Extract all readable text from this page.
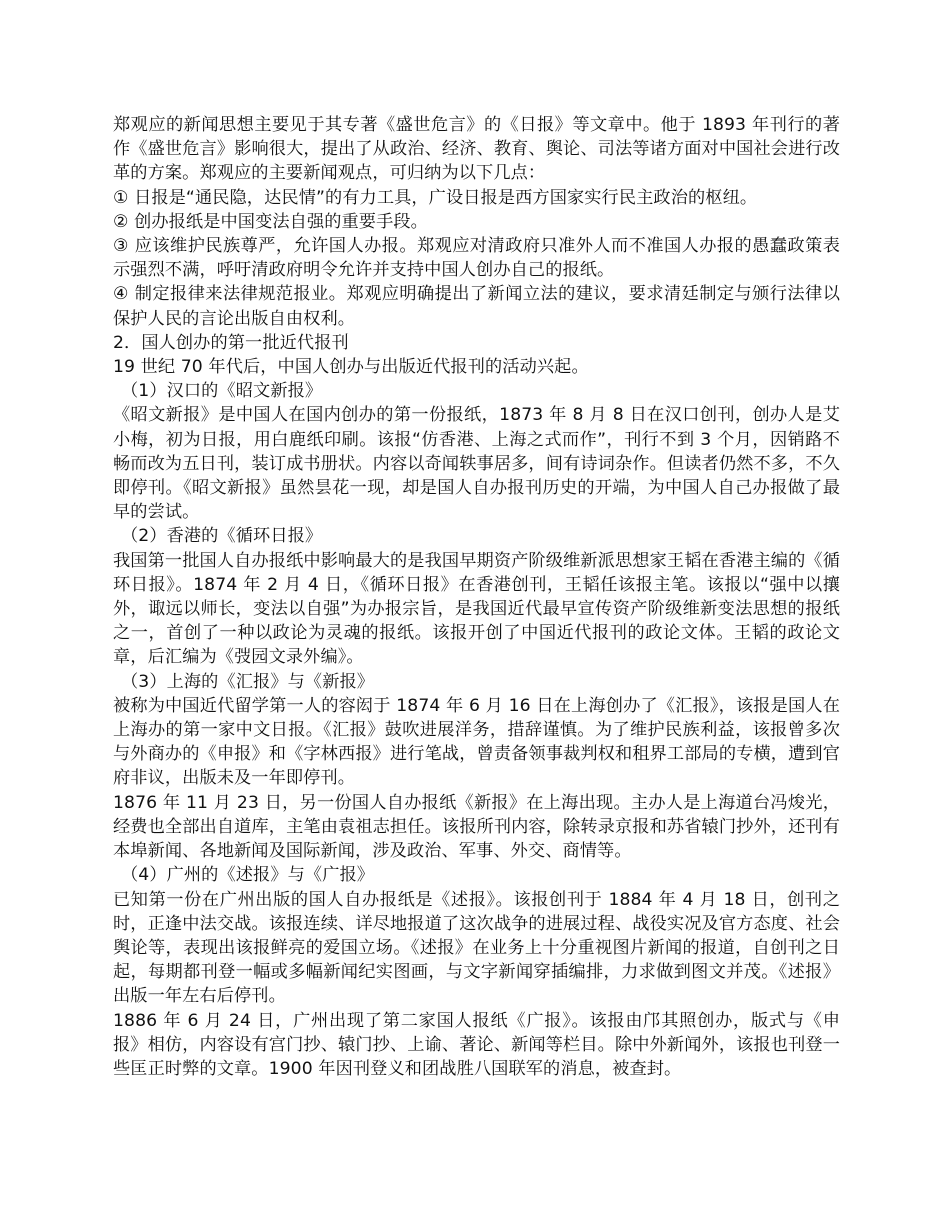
郑观应的新闻思想主要见于其专著《盛世危言》的《日报》等文章中。他于 1893 年刊行的著作《盛世危言》影响很大，提出了从政治、经济、教育、舆论、司法等诸方面对中国社会进行改革的方案。郑观应的主要新闻观点，可归纳为以下几点：

① 日报是“通民隐，达民情”的有力工具，广设日报是西方国家实行民主政治的枢纽。

② 创办报纸是中国变法自强的重要手段。

③ 应该维护民族尊严，允许国人办报。郑观应对清政府只准外人而不准国人办报的愚蠢政策表示强烈不满，呼吁清政府明令允许并支持中国人创办自己的报纸。

④ 制定报律来法律规范报业。郑观应明确提出了新闻立法的建议，要求清廷制定与颁行法律以保护人民的言论出版自由权利。

2．国人创办的第一批近代报刊

19 世纪 70 年代后，中国人创办与出版近代报刊的活动兴起。

（1）汉口的《昭文新报》

《昭文新报》是中国人在国内创办的第一份报纸，1873 年 8 月 8 日在汉口创刊，创办人是艾小梅，初为日报，用白鹿纸印刷。该报“仿香港、上海之式而作”，刊行不到 3 个月，因销路不畅而改为五日刊，装订成书册状。内容以奇闻轶事居多，间有诗词杂作。但读者仍然不多，不久即停刊。《昭文新报》虽然昙花一现，却是国人自办报刊历史的开端，为中国人自己办报做了最早的尝试。

（2）香港的《循环日报》

我国第一批国人自办报纸中影响最大的是我国早期资产阶级维新派思想家王韬在香港主编的《循环日报》。1874 年 2 月 4 日，《循环日报》在香港创刊，王韬任该报主笔。该报以“强中以攘外，诹远以师长，变法以自强”为办报宗旨，是我国近代最早宣传资产阶级维新变法思想的报纸之一，首创了一种以政论为灵魂的报纸。该报开创了中国近代报刊的政论文体。王韬的政论文章，后汇编为《弢园文录外编》。

（3）上海的《汇报》与《新报》

被称为中国近代留学第一人的容闳于 1874 年 6 月 16 日在上海创办了《汇报》，该报是国人在上海办的第一家中文日报。《汇报》鼓吹进展洋务，措辞谨慎。为了维护民族利益，该报曾多次与外商办的《申报》和《字林西报》进行笔战，曾责备领事裁判权和租界工部局的专横，遭到官府非议，出版未及一年即停刊。

1876 年 11 月 23 日，另一份国人自办报纸《新报》在上海出现。主办人是上海道台冯焌光，经费也全部出自道库，主笔由袁祖志担任。该报所刊内容，除转录京报和苏省辕门抄外，还刊有本埠新闻、各地新闻及国际新闻，涉及政治、军事、外交、商情等。

（4）广州的《述报》与《广报》

已知第一份在广州出版的国人自办报纸是《述报》。该报创刊于 1884 年 4 月 18 日，创刊之时，正逢中法交战。该报连续、详尽地报道了这次战争的进展过程、战役实况及官方态度、社会舆论等，表现出该报鲜亮的爱国立场。《述报》在业务上十分重视图片新闻的报道，自创刊之日起，每期都刊登一幅或多幅新闻纪实图画，与文字新闻穿插编排，力求做到图文并茂。《述报》出版一年左右后停刊。

1886 年 6 月 24 日，广州出现了第二家国人报纸《广报》。该报由邝其照创办，版式与《申报》相仿，内容设有宫门抄、辕门抄、上谕、著论、新闻等栏目。除中外新闻外，该报也刊登一些匡正时弊的文章。1900 年因刊登义和团战胜八国联军的消息，被查封。
